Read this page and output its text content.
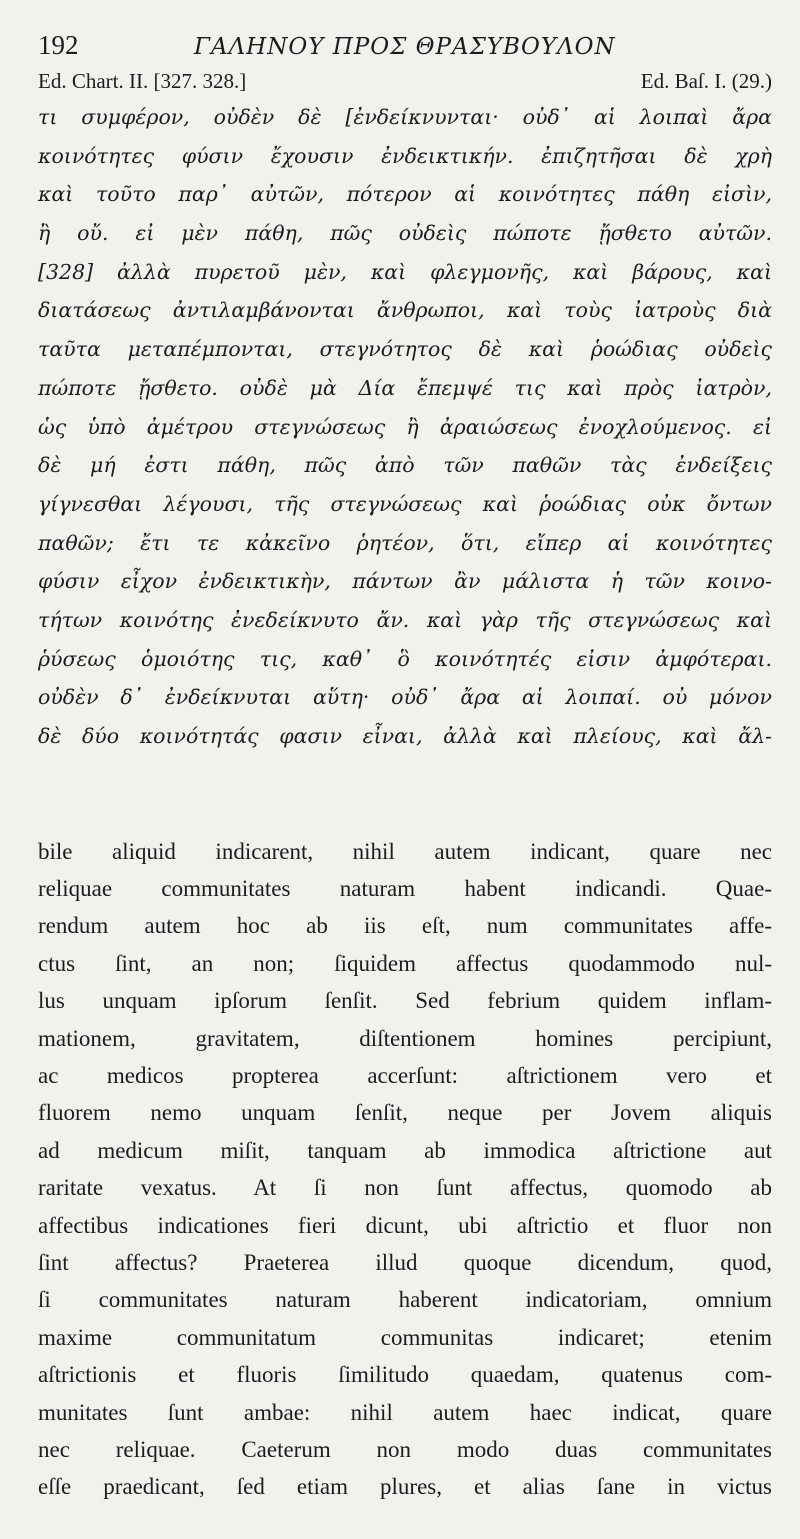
192	ΓΑΛΗΝΟΥ ΠΡΟΣ ΘΡΑΣΥΒΟΥΛΟΝ
Ed. Chart. II. [327. 328.]	Ed. Baſ. I. (29.)
τι συμφέρον, οὐδὲν δὲ [ἐνδείκνυνται· οὐδ᾽ αἱ λοιπαὶ ἄρα
κοινότητες φύσιν ἔχουσιν ἐνδεικτικήν. ἐπιζητῆσαι δὲ χρὴ
καὶ τοῦτο παρ᾽ αὐτῶν, πότερον αἱ κοινότητες πάθη εἰσὶν,
ἢ οὔ. εἰ μὲν πάθη, πῶς οὐδεὶς πώποτε ᾔσθετο αὐτῶν.
[328] ἀλλὰ πυρετοῦ μὲν, καὶ φλεγμονῆς, καὶ βάρους, καὶ
διατάσεως ἀντιλαμβάνονται ἄνθρωποι, καὶ τοὺς ἰατροὺς διὰ
ταῦτα μεταπέμπονται, στεγνότητος δὲ καὶ ῥοώδιας οὐδεὶς
πώποτε ᾔσθετο. οὐδὲ μὰ Δία ἔπεμψέ τις καὶ πρὸς ἰατρὸν,
ὡς ὑπὸ ἀμέτρου στεγνώσεως ἢ ἀραιώσεως ἐνοχλούμενος. εἰ
δὲ μή ἐστι πάθη, πῶς ἀπὸ τῶν παθῶν τὰς ἐνδείξεις
γίγνεσθαι λέγουσι, τῆς στεγνώσεως καὶ ῥοώδιας οὐκ ὄντων
παθῶν; ἔτι τε κἀκεῖνο ῥητέον, ὅτι, εἴπερ αἱ κοινότητες
φύσιν εἶχον ἐνδεικτικὴν, πάντων ἂν μάλιστα ἡ τῶν κοινο-
τήτων κοινότης ἐνεδείκνυτο ἄν. καὶ γὰρ τῆς στεγνώσεως καὶ
ῥύσεως ὁμοιότης τις, καθ᾽ ὃ κοινότητές εἰσιν ἀμφότεραι.
οὐδὲν δ᾽ ἐνδείκνυται αὕτη· οὐδ᾽ ἄρα αἱ λοιπαί. οὐ μόνον
δὲ δύο κοινότητάς φασιν εἶναι, ἀλλὰ καὶ πλείους, καὶ ἄλ-
bile aliquid indicarent, nihil autem indicant, quare nec
reliquae communitates naturam habent indicandi. Quae-
rendum autem hoc ab iis eſt, num communitates affe-
ctus ſint, an non; ſiquidem affectus quodammodo nul-
lus unquam ipſorum ſenſit. Sed febrium quidem inflam-
mationem, gravitatem, diſtentionem homines percipiunt,
ac medicos propterea accerſunt: aſtrictionem vero et
fluorem nemo unquam ſenſit, neque per Jovem aliquis
ad medicum miſit, tanquam ab immodica aſtrictione aut
raritate vexatus. At ſi non ſunt affectus, quomodo ab
affectibus indicationes fieri dicunt, ubi aſtrictio et fluor non
ſint affectus? Praeterea illud quoque dicendum, quod,
ſi communitates naturam haberent indicatoriam, omnium
maxime communitatum communitas indicaret; etenim
aſtrictionis et fluoris ſimilitudo quaedam, quatenus com-
munitates ſunt ambae: nihil autem haec indicat, quare
nec reliquae. Caeterum non modo duas communitates
eſſe praedicant, ſed etiam plures, et alias ſane in victus
